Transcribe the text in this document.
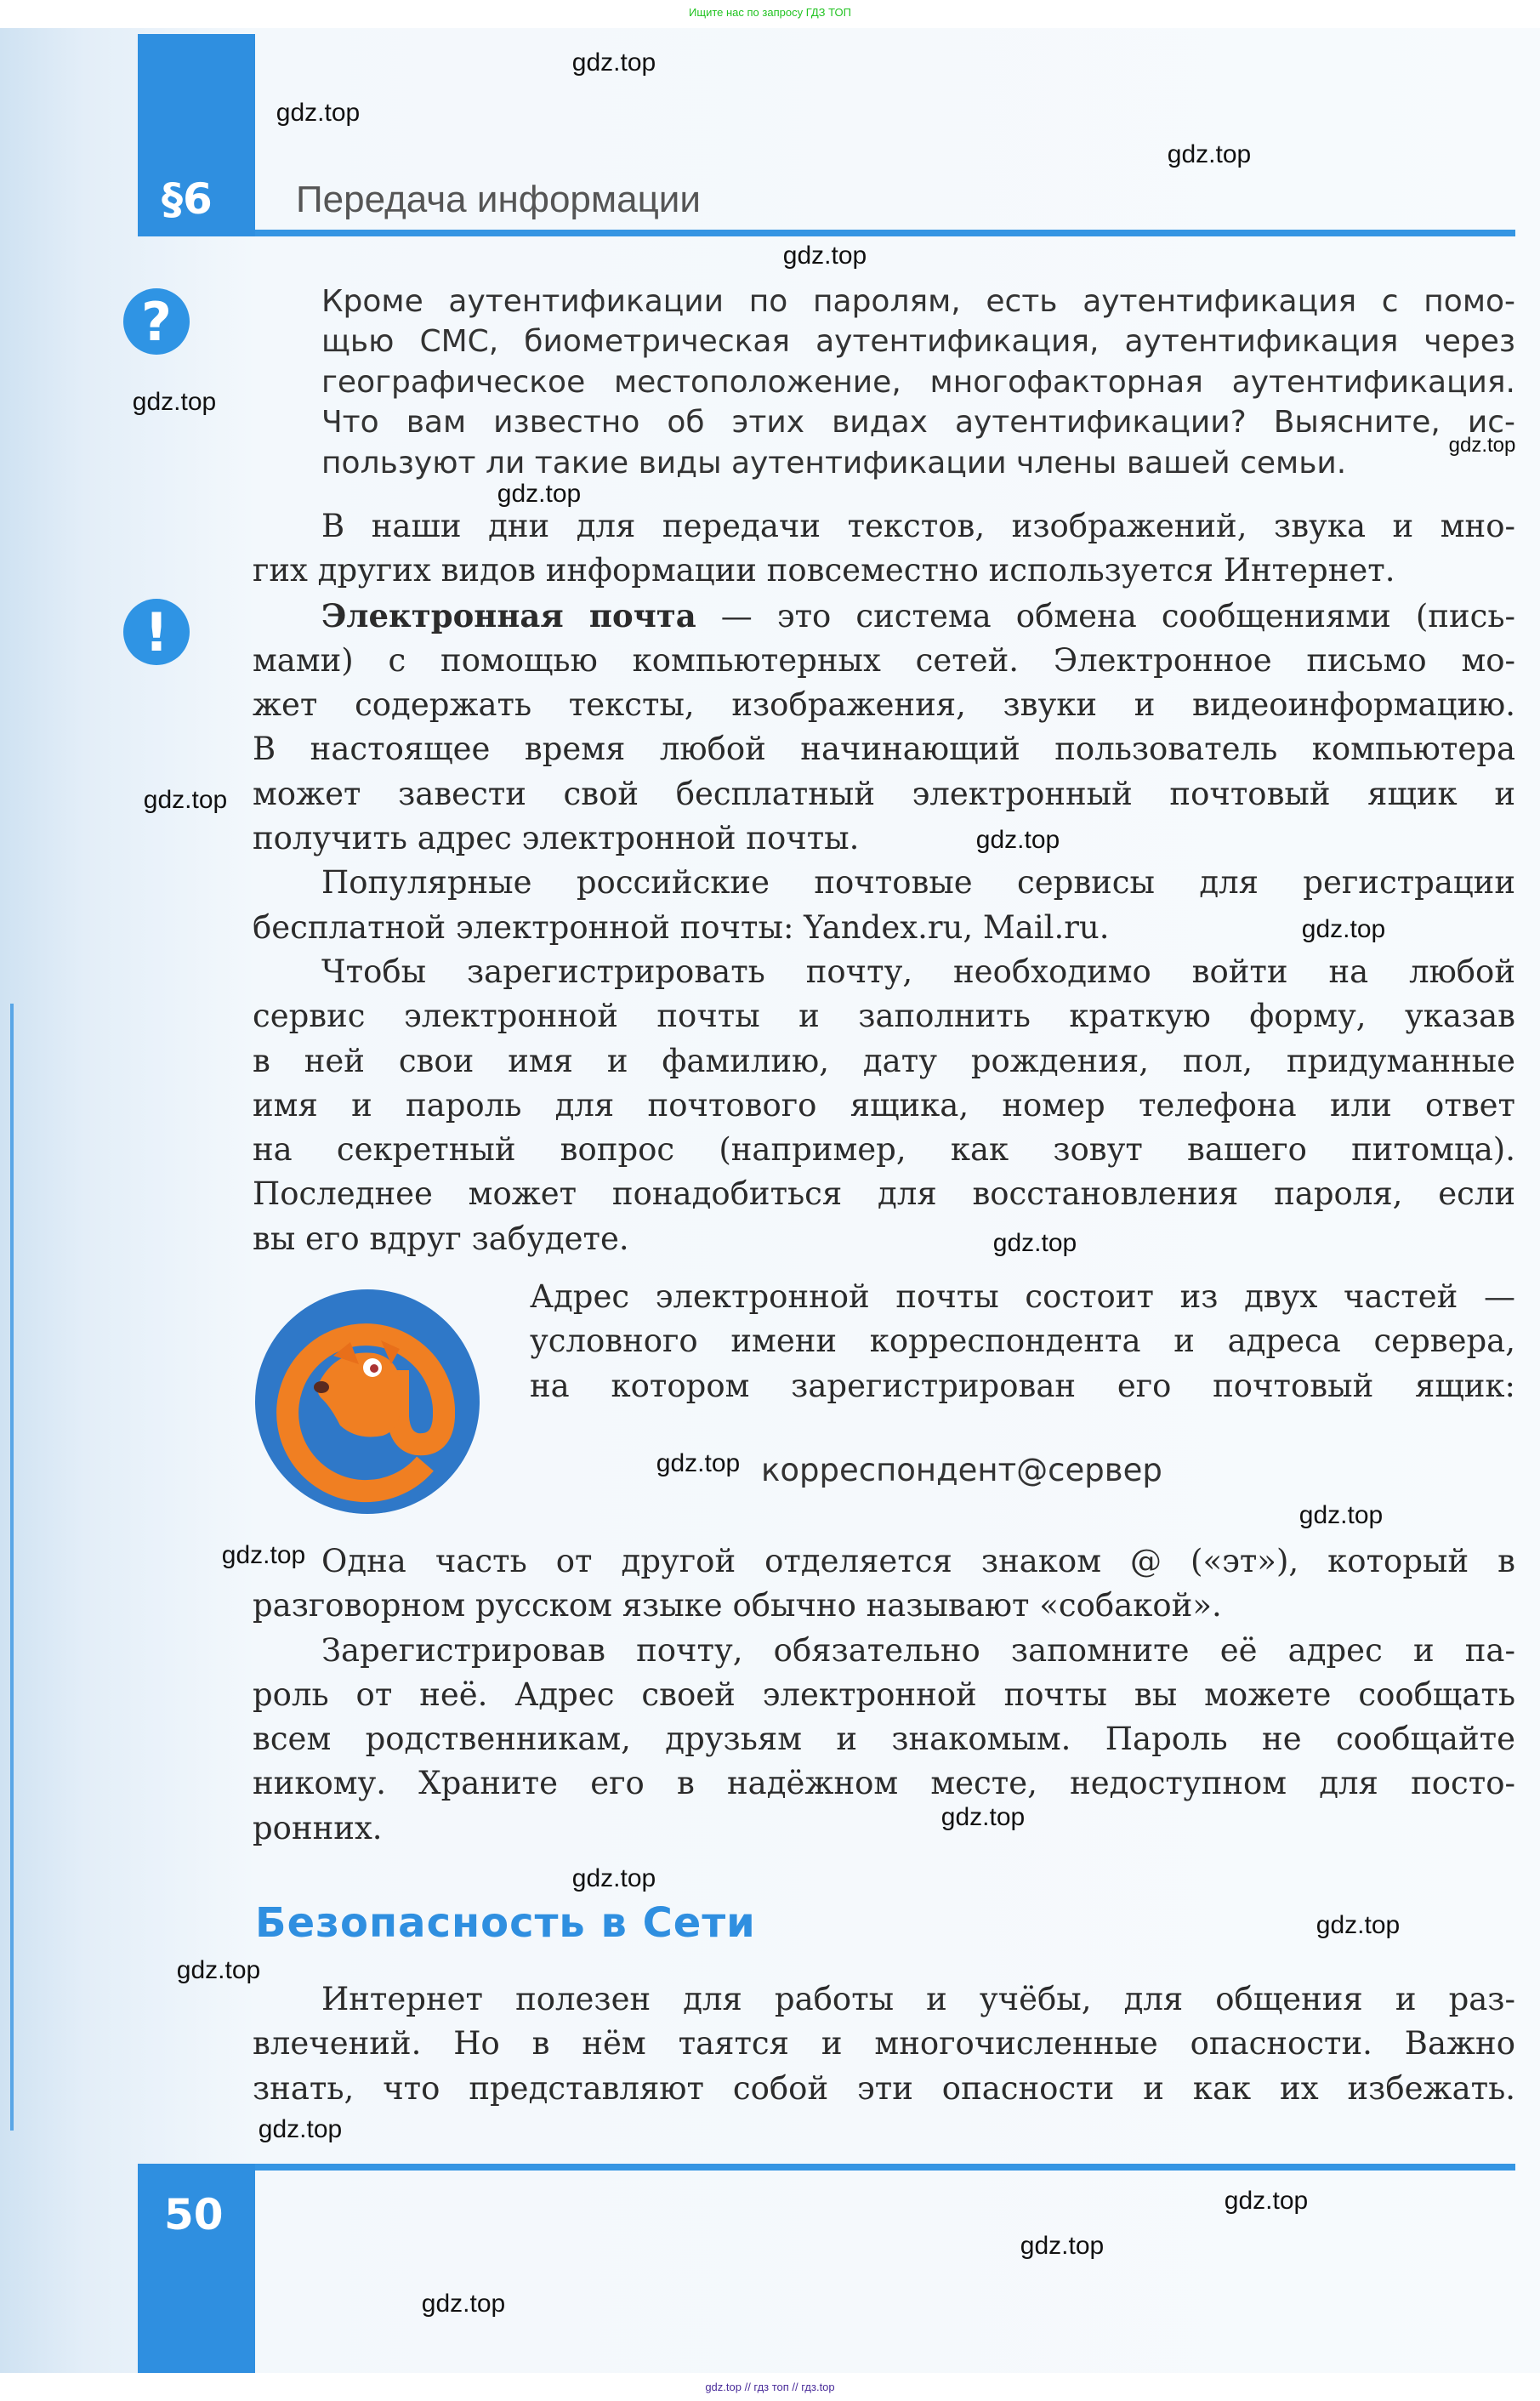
Ищите нас по запросу ГДЗ ТОП
§6 Передача информации
?
!
Кроме аутентификации по паролям, есть аутентификация с помо-
щью СМС, биометрическая аутентификация, аутентификация через
географическое местоположение, многофакторная аутентификация.
Что вам известно об этих видах аутентификации? Выясните, ис-
пользуют ли такие виды аутентификации члены вашей семьи.
В наши дни для передачи текстов, изображений, звука и мно-
гих других видов информации повсеместно используется Интернет.
Электронная почта — это система обмена сообщениями (пись-
мами) с помощью компьютерных сетей. Электронное письмо мо-
жет содержать тексты, изображения, звуки и видеоинформацию.
В настоящее время любой начинающий пользователь компьютера
может завести свой бесплатный электронный почтовый ящик и
получить адрес электронной почты.
Популярные российские почтовые сервисы для регистрации
бесплатной электронной почты: Yandex.ru, Mail.ru.
Чтобы зарегистрировать почту, необходимо войти на любой
сервис электронной почты и заполнить краткую форму, указав
в ней свои имя и фамилию, дату рождения, пол, придуманные
имя и пароль для почтового ящика, номер телефона или ответ
на секретный вопрос (например, как зовут вашего питомца).
Последнее может понадобиться для восстановления пароля, если
вы его вдруг забудете.
Адрес электронной почты состоит из двух частей —
условного имени корреспондента и адреса сервера,
на котором зарегистрирован его почтовый ящик:
корреспондент@сервер
Одна часть от другой отделяется знаком @ («эт»), который в
разговорном русском языке обычно называют «собакой».
Зарегистрировав почту, обязательно запомните её адрес и па-
роль от неё. Адрес своей электронной почты вы можете сообщать
всем родственникам, друзьям и знакомым. Пароль не сообщайте
никому. Храните его в надёжном месте, недоступном для посто-
ронних.
Безопасность в Сети
Интернет полезен для работы и учёбы, для общения и раз-
влечений. Но в нём таятся и многочисленные опасности. Важно
знать, что представляют собой эти опасности и как их избежать.
50
gdz.top
gdz.top
gdz.top
gdz.top
gdz.top
gdz.top
gdz.top
gdz.top
gdz.top
gdz.top
gdz.top
gdz.top
gdz.top
gdz.top
gdz.top
gdz.top
gdz.top
gdz.top
gdz.top
gdz.top
gdz.top
gdz.top
gdz.top // гдз топ // гдз.top
